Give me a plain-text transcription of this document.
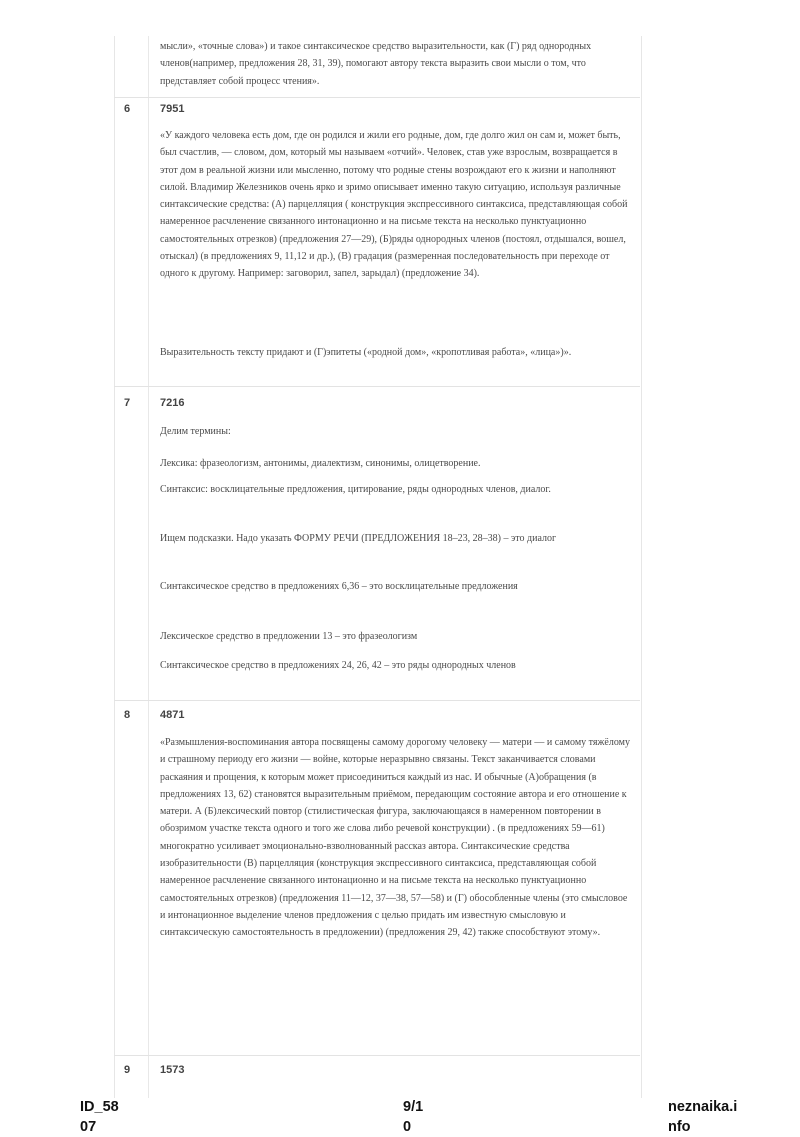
мысли», «точные слова») и такое синтаксическое средство выразительности, как (Г) ряд однородных членов(например, предложения 28, 31, 39), помогают автору текста выразить свои мысли о том, что представляет собой процесс чтения».

6	7951

«У каждого человека есть дом, где он родился и жили его родные, дом, где долго жил он сам и, может быть, был счастлив, — словом, дом, который мы называем «отчий». Человек, став уже взрослым, возвращается в этот дом в реальной жизни или мысленно, потому что родные стены возрождают его к жизни и наполняют силой. Владимир Железников очень ярко и зримо описывает именно такую ситуацию, используя различные синтаксические средства: (А) парцелляция ( конструкция экспрессивного синтаксиса, представляющая собой намеренное расчленение связанного интонационно и на письме текста на несколько пунктуационно самостоятельных отрезков) (предложения 27—29), (Б)ряды однородных членов (постоял, отдышался, вошел, отыскал) (в предложениях 9, 11,12 и др.), (В) градация (размеренная последовательность при переходе от одного к другому. Например: заговорил, запел, зарыдал) (предложение 34).

Выразительность тексту придают и (Г)эпитеты («родной дом», «кропотливая работа», «лица»)».

7	7216

Делим термины:

Лексика: фразеологизм, антонимы, диалектизм, синонимы, олицетворение.

Синтаксис: восклицательные предложения, цитирование, ряды однородных членов, диалог.

Ищем подсказки. Надо указать ФОРМУ РЕЧИ (ПРЕДЛОЖЕНИЯ 18–23, 28–38) – это диалог

Синтаксическое средство в предложениях 6,36 – это восклицательные предложения

Лексическое средство в предложении 13 – это фразеологизм

Синтаксическое средство в предложениях 24, 26, 42 – это ряды однородных членов

8	4871

«Размышления-воспоминания автора посвящены самому дорогому человеку — матери — и самому тяжёлому и страшному периоду его жизни — войне, которые неразрывно связаны. Текст заканчивается словами раскаяния и прощения, к которым может присоединиться каждый из нас. И обычные (А)обращения (в предложениях 13, 62) становятся выразительным приёмом, передающим состояние автора и его отношение к матери. А (Б)лексический повтор (стилистическая фигура, заключающаяся в намеренном повторении в обозримом участке текста одного и того же слова либо речевой конструкции) . (в предложениях 59—61) многократно усиливает эмоционально-взволнованный рассказ автора. Синтаксические средства изобразительности (В) парцелляция (конструкция экспрессивного синтаксиса, представляющая собой намеренное расчленение связанного интонационно и на письме текста на несколько пунктуационно самостоятельных отрезков) (предложения 11—12, 37—38, 57—58) и (Г) обособленные члены (это смысловое и интонационное выделение членов предложения с целью придать им известную смысловую и синтаксическую самостоятельность в предложении) (предложения 29, 42) также способствуют этому».

9	1573
ID_58
07
9/1
0
neznaika.i
nfo
